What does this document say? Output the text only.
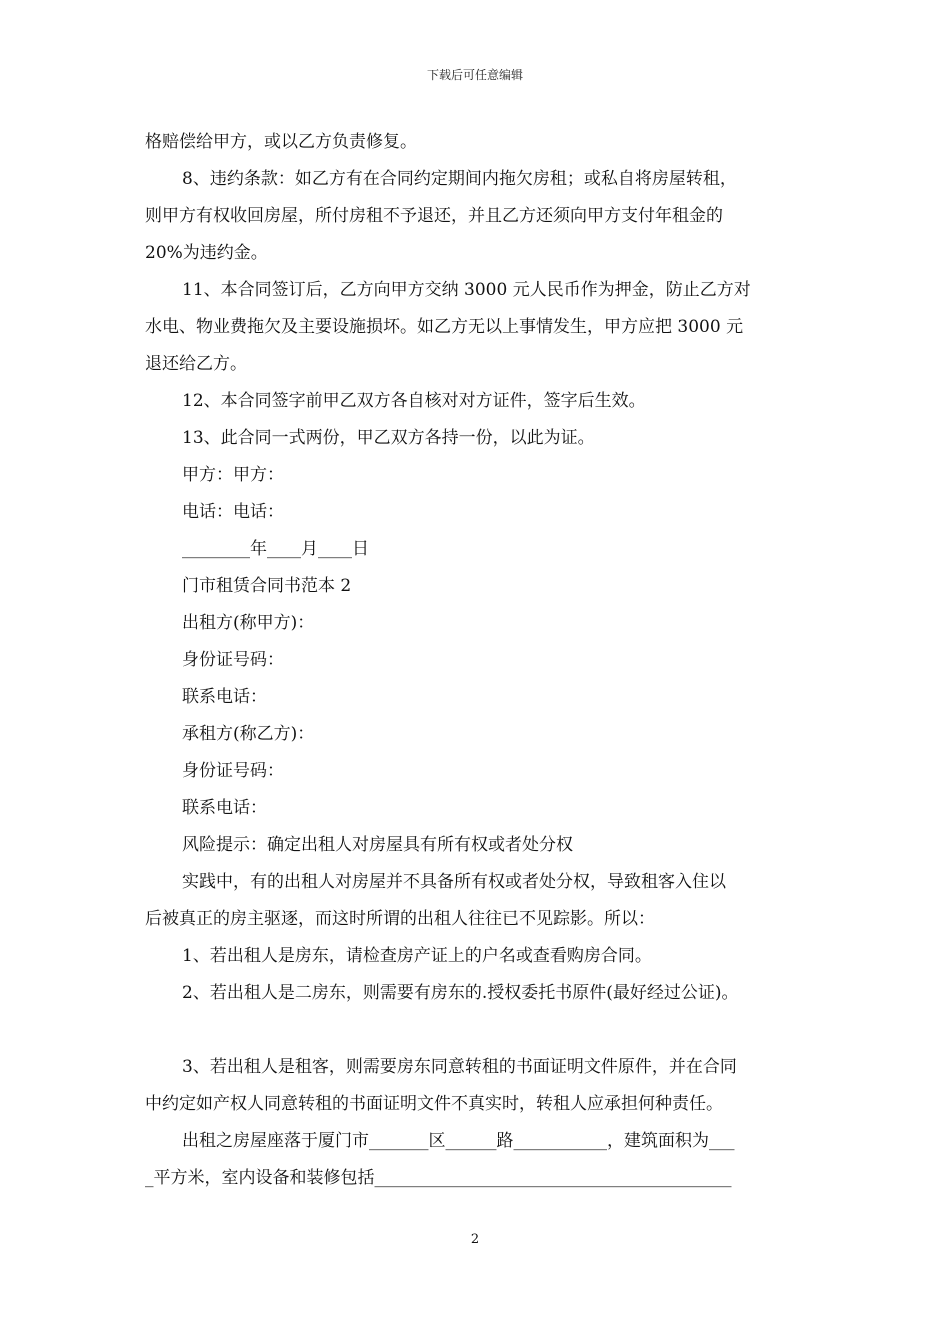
下载后可任意编辑
格赔偿给甲方，或以乙方负责修复。
8、违约条款：如乙方有在合同约定期间内拖欠房租；或私自将房屋转租，
则甲方有权收回房屋，所付房租不予退还，并且乙方还须向甲方支付年租金的
20%为违约金。
11、本合同签订后，乙方向甲方交纳 3000 元人民币作为押金，防止乙方对
水电、物业费拖欠及主要设施损坏。如乙方无以上事情发生，甲方应把 3000 元
退还给乙方。
12、本合同签字前甲乙双方各自核对对方证件，签字后生效。
13、此合同一式两份，甲乙双方各持一份，以此为证。
甲方：甲方：
电话：电话：
________年____月____日
门市租赁合同书范本 2
出租方(称甲方)：
身份证号码：
联系电话：
承租方(称乙方)：
身份证号码：
联系电话：
风险提示：确定出租人对房屋具有所有权或者处分权
实践中，有的出租人对房屋并不具备所有权或者处分权，导致租客入住以
后被真正的房主驱逐，而这时所谓的出租人往往已不见踪影。所以：
1、若出租人是房东，请检查房产证上的户名或查看购房合同。
2、若出租人是二房东，则需要有房东的.授权委托书原件(最好经过公证)。
3、若出租人是租客，则需要房东同意转租的书面证明文件原件，并在合同
中约定如产权人同意转租的书面证明文件不真实时，转租人应承担何种责任。
出租之房屋座落于厦门市_______区______路___________，建筑面积为___
_平方米，室内设备和装修包括__________________________________________
2
